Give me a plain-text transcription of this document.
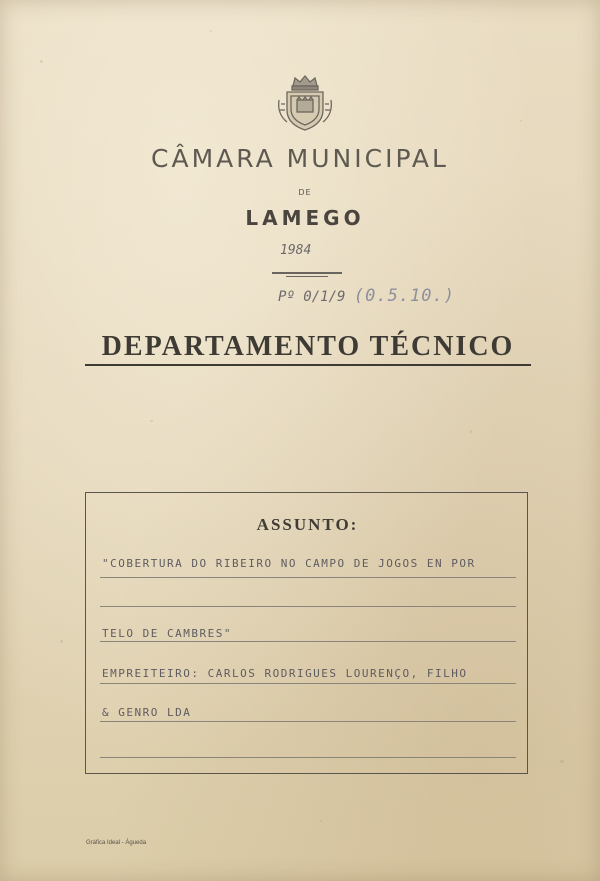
CÂMARA MUNICIPAL
DE
LAMEGO
1984
Pº 0/1/9 (0.5.10.)
DEPARTAMENTO TÉCNICO
ASSUNTO:
"COBERTURA DO RIBEIRO NO CAMPO DE JOGOS EN POR
TELO DE CAMBRES"
EMPREITEIRO: CARLOS RODRIGUES LOURENÇO, FILHO
& GENRO LDA
Gráfica Ideal - Águeda
